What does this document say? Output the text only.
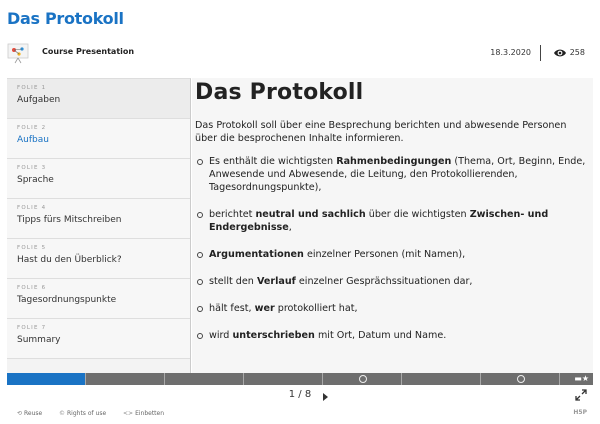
Das Protokoll
Course Presentation	18.3.2020	258
FOLIE 1
Aufgaben
FOLIE 2
Aufbau
FOLIE 3
Sprache
FOLIE 4
Tipps fürs Mitschreiben
FOLIE 5
Hast du den Überblick?
FOLIE 6
Tagesordnungspunkte
FOLIE 7
Summary
Das Protokoll

Das Protokoll soll über eine Besprechung berichten und abwesende Personen über die besprochenen Inhalte informieren.

Es enthält die wichtigsten Rahmenbedingungen (Thema, Ort, Beginn, Ende, Anwesende und Abwesende, die Leitung, den Protokollierenden, Tagesordnungspunkte),
berichtet neutral und sachlich über die wichtigsten Zwischen- und Endergebnisse,
Argumentationen einzelner Personen (mit Namen),
stellt den Verlauf einzelner Gesprächssituationen dar,
hält fest, wer protokolliert hat,
wird unterschrieben mit Ort, Datum und Name.
▬★
1 / 8
⟲ Reuse	© Rights of use	<> Einbetten	H5P
